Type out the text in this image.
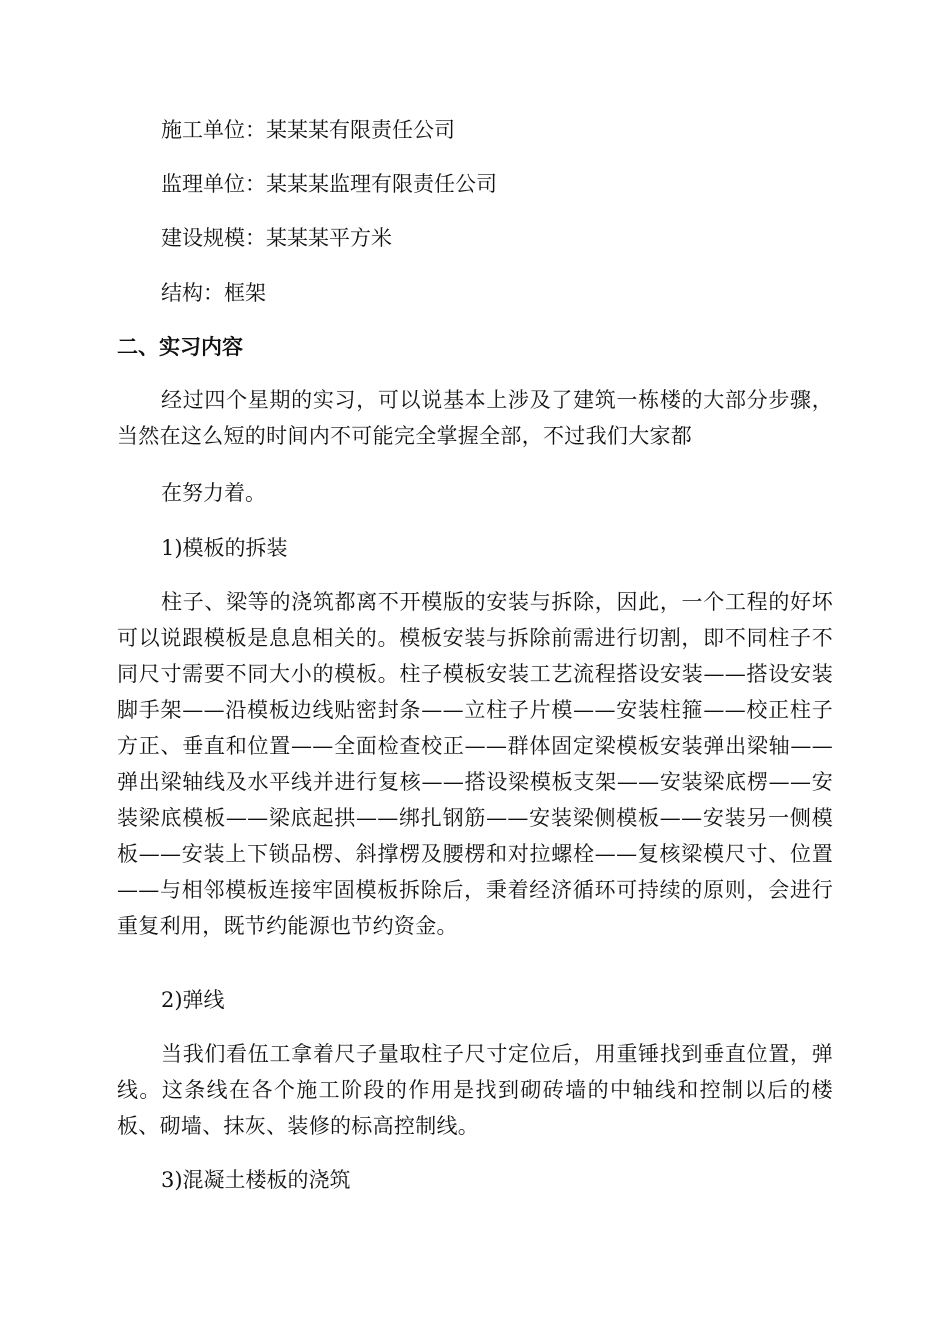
施工单位：某某某有限责任公司
监理单位：某某某监理有限责任公司
建设规模：某某某平方米
结构：框架
二、实习内容
经过四个星期的实习，可以说基本上涉及了建筑一栋楼的大部分步骤，当然在这么短的时间内不可能完全掌握全部，不过我们大家都
在努力着。
1)模板的拆装
柱子、梁等的浇筑都离不开模版的安装与拆除，因此，一个工程的好坏可以说跟模板是息息相关的。模板安装与拆除前需进行切割，即不同柱子不同尺寸需要不同大小的模板。柱子模板安装工艺流程搭设安装——搭设安装脚手架——沿模板边线贴密封条——立柱子片模——安装柱箍——校正柱子方正、垂直和位置——全面检查校正——群体固定梁模板安装弹出梁轴——弹出梁轴线及水平线并进行复核——搭设梁模板支架——安装梁底楞——安装梁底模板——梁底起拱——绑扎钢筋——安装梁侧模板——安装另一侧模板——安装上下锁品楞、斜撑楞及腰楞和对拉螺栓——复核梁模尺寸、位置——与相邻模板连接牢固模板拆除后，秉着经济循环可持续的原则，会进行重复利用，既节约能源也节约资金。
2)弹线
当我们看伍工拿着尺子量取柱子尺寸定位后，用重锤找到垂直位置，弹线。这条线在各个施工阶段的作用是找到砌砖墙的中轴线和控制以后的楼板、砌墙、抹灰、装修的标高控制线。
3)混凝土楼板的浇筑
